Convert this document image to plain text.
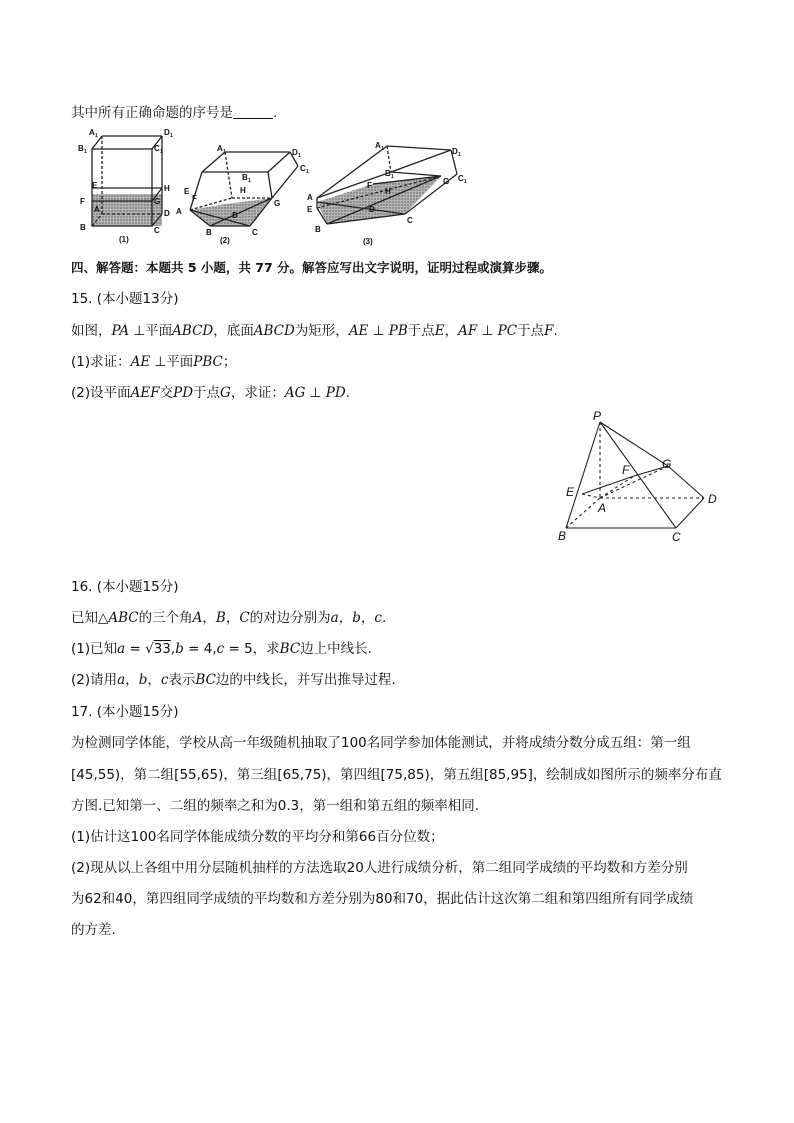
其中所有正确命题的序号是	.
A 1	D 1
B 1	C 1
E	H
F	G
A	D
B	C
(1)
A 1	D 1
B 1
C 1
E	H
F
A
G
D
B	C
(2)
A 1	D 1
B 1	C 1
F
H
A
E
G
D
B
C
(3)
四、解答题：本题共 5 小题，共 77 分。解答应写出文字说明，证明过程或演算步骤。
15. (本小题13分)
如图，PA ⊥平面ABCD，底面ABCD为矩形，AE ⊥ PB于点E，AF ⊥ PC于点F.
(1)求证：AE ⊥平面PBC；
(2)设平面AEF交PD于点G，求证：AG ⊥ PD.
P
G
F
E
A
D
B	C
16. (本小题15分)
已知△ABC的三个角A，B，C的对边分别为a，b，c.
(1)已知a = √33,b = 4,c = 5，求BC边上中线长.
(2)请用a，b，c表示BC边的中线长，并写出推导过程.
17. (本小题15分)
为检测同学体能，学校从高一年级随机抽取了100名同学参加体能测试，并将成绩分数分成五组：第一组
[45,55)，第二组[55,65)，第三组[65,75)，第四组[75,85)，第五组[85,95]，绘制成如图所示的频率分布直
方图.已知第一、二组的频率之和为0.3，第一组和第五组的频率相同.
(1)估计这100名同学体能成绩分数的平均分和第66百分位数；
(2)现从以上各组中用分层随机抽样的方法选取20人进行成绩分析，第二组同学成绩的平均数和方差分别
为62和40，第四组同学成绩的平均数和方差分别为80和70，据此估计这次第二组和第四组所有同学成绩
的方差.
